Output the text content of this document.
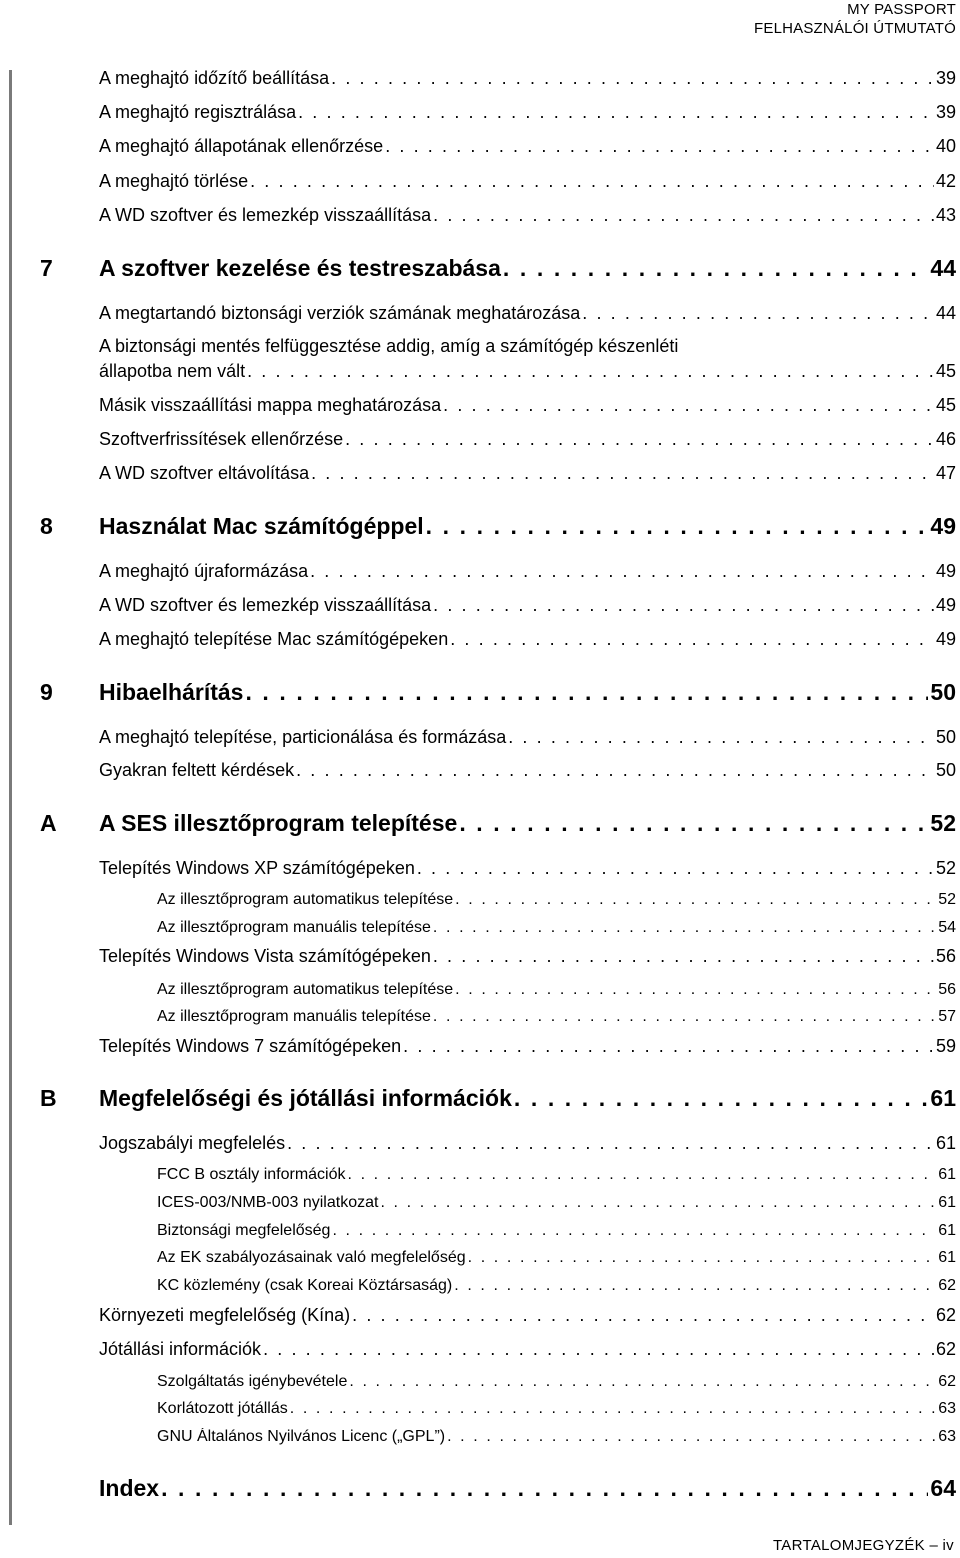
MY PASSPORT
FELHASZNÁLÓI ÚTMUTATÓ
A meghajtó időzítő beállítása . . .	39
A meghajtó regisztrálása . . .	39
A meghajtó állapotának ellenőrzése . . .	40
A meghajtó törlése . . .	42
A WD szoftver és lemezkép visszaállítása . . .	43
7 A szoftver kezelése és testreszabása . . .	44
A megtartandó biztonsági verziók számának meghatározása . . .	44
A biztonsági mentés felfüggesztése addig, amíg a számítógép készenléti
állapotba nem vált . . .	45
Másik visszaállítási mappa meghatározása . . .	45
Szoftverfrissítések ellenőrzése . . .	46
A WD szoftver eltávolítása . . .	47
8 Használat Mac számítógéppel . . .	49
A meghajtó újraformázása . . .	49
A WD szoftver és lemezkép visszaállítása . . .	49
A meghajtó telepítése Mac számítógépeken . . .	49
9 Hibaelhárítás . . .	50
A meghajtó telepítése, particionálása és formázása . . .	50
Gyakran feltett kérdések . . .	50
A A SES illesztőprogram telepítése . . .	52
Telepítés Windows XP számítógépeken . . .	52
Az illesztőprogram automatikus telepítése . . .	52
Az illesztőprogram manuális telepítése . . .	54
Telepítés Windows Vista számítógépeken . . .	56
Az illesztőprogram automatikus telepítése . . .	56
Az illesztőprogram manuális telepítése . . .	57
Telepítés Windows 7 számítógépeken . . .	59
B Megfelelőségi és jótállási információk . . .	61
Jogszabályi megfelelés . . .	61
FCC B osztály információk . . .	61
ICES-003/NMB-003 nyilatkozat . . .	61
Biztonsági megfelelőség . . .	61
Az EK szabályozásainak való megfelelőség . . .	61
KC közlemény (csak Koreai Köztársaság) . . .	62
Környezeti megfelelőség (Kína) . . .	62
Jótállási információk . . .	62
Szolgáltatás igénybevétele . . .	62
Korlátozott jótállás . . .	63
GNU Általános Nyilvános Licenc („GPL”) . . .	63
Index . . .	64
TARTALOMJEGYZÉK – iv
